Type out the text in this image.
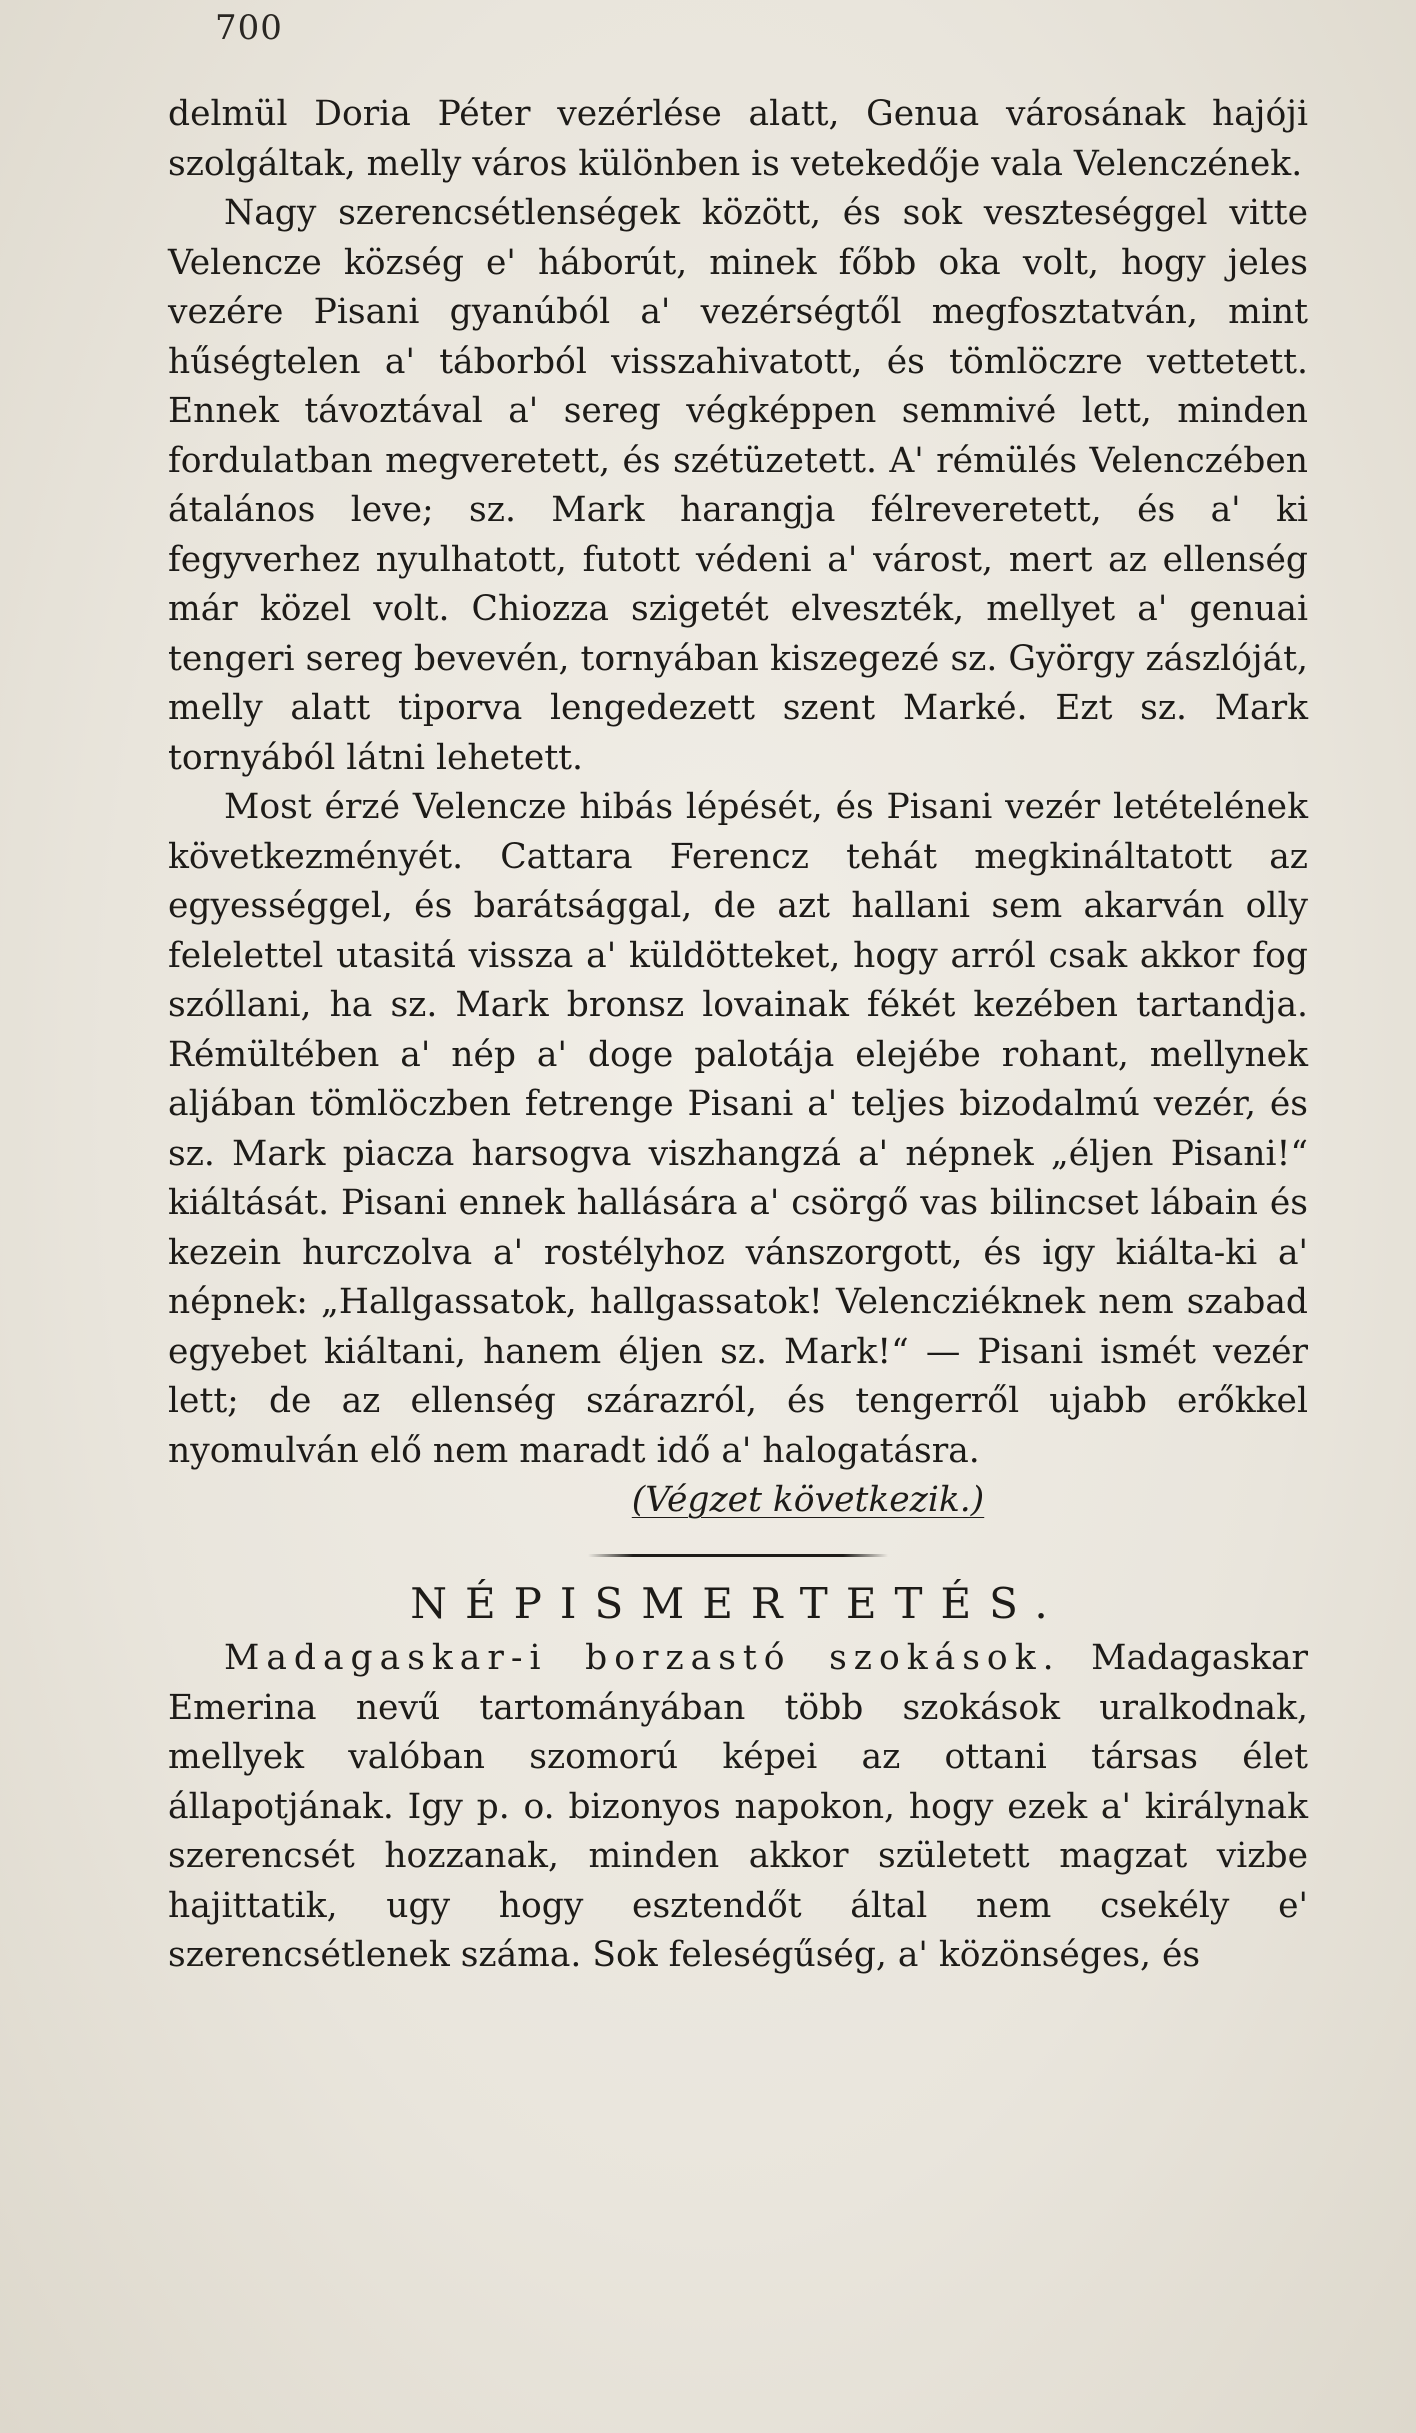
700

delmül Doria Péter vezérlése alatt, Genua városának hajóji szolgáltak, melly város különben is vetekedője vala Velenczének.

Nagy szerencsétlenségek között, és sok veszteséggel vitte Velencze község e' háborút, minek főbb oka volt, hogy jeles vezére Pisani gyanúból a' vezérségtől megfosztatván, mint hűségtelen a' táborból visszahivatott, és tömlöczre vettetett. Ennek távoztával a' sereg végképpen semmivé lett, minden fordulatban megveretett, és szétüzetett. A' rémülés Velenczében átalános leve; sz. Mark harangja félreveretett, és a' ki fegyverhez nyulhatott, futott védeni a' várost, mert az ellenség már közel volt. Chiozza szigetét elveszték, mellyet a' genuai tengeri sereg bevevén, tornyában kiszegezé sz. György zászlóját, melly alatt tiporva lengedezett szent Marké. Ezt sz. Mark tornyából látni lehetett.

Most érzé Velencze hibás lépését, és Pisani vezér letételének következményét. Cattara Ferencz tehát megkináltatott az egyességgel, és barátsággal, de azt hallani sem akarván olly felelettel utasitá vissza a' küldötteket, hogy arról csak akkor fog szóllani, ha sz. Mark bronsz lovainak fékét kezében tartandja. Rémültében a' nép a' doge palotája elejébe rohant, mellynek aljában tömlöczben fetrenge Pisani a' teljes bizodalmú vezér, és sz. Mark piacza harsogva viszhangzá a' népnek „éljen Pisani!“ kiáltását. Pisani ennek hallására a' csörgő vas bilincset lábain és kezein hurczolva a' rostélyhoz vánszorgott, és igy kiálta-ki a' népnek: „Hallgassatok, hallgassatok! Velencziéknek nem szabad egyebet kiáltani, hanem éljen sz. Mark!“ — Pisani ismét vezér lett; de az ellenség szárazról, és tengerről ujabb erőkkel nyomulván elő nem maradt idő a' halogatásra.

(Végzet következik.)

NÉPISMERTETÉS.

Madagaskar-i borzastó szokások. Madagaskar Emerina nevű tartományában több szokások uralkodnak, mellyek valóban szomorú képei az ottani társas élet állapotjának. Igy p. o. bizonyos napokon, hogy ezek a' királynak szerencsét hozzanak, minden akkor született magzat vizbe hajittatik, ugy hogy esztendőt által nem csekély e' szerencsétlenek száma. Sok feleségűség, a' közönséges, és
